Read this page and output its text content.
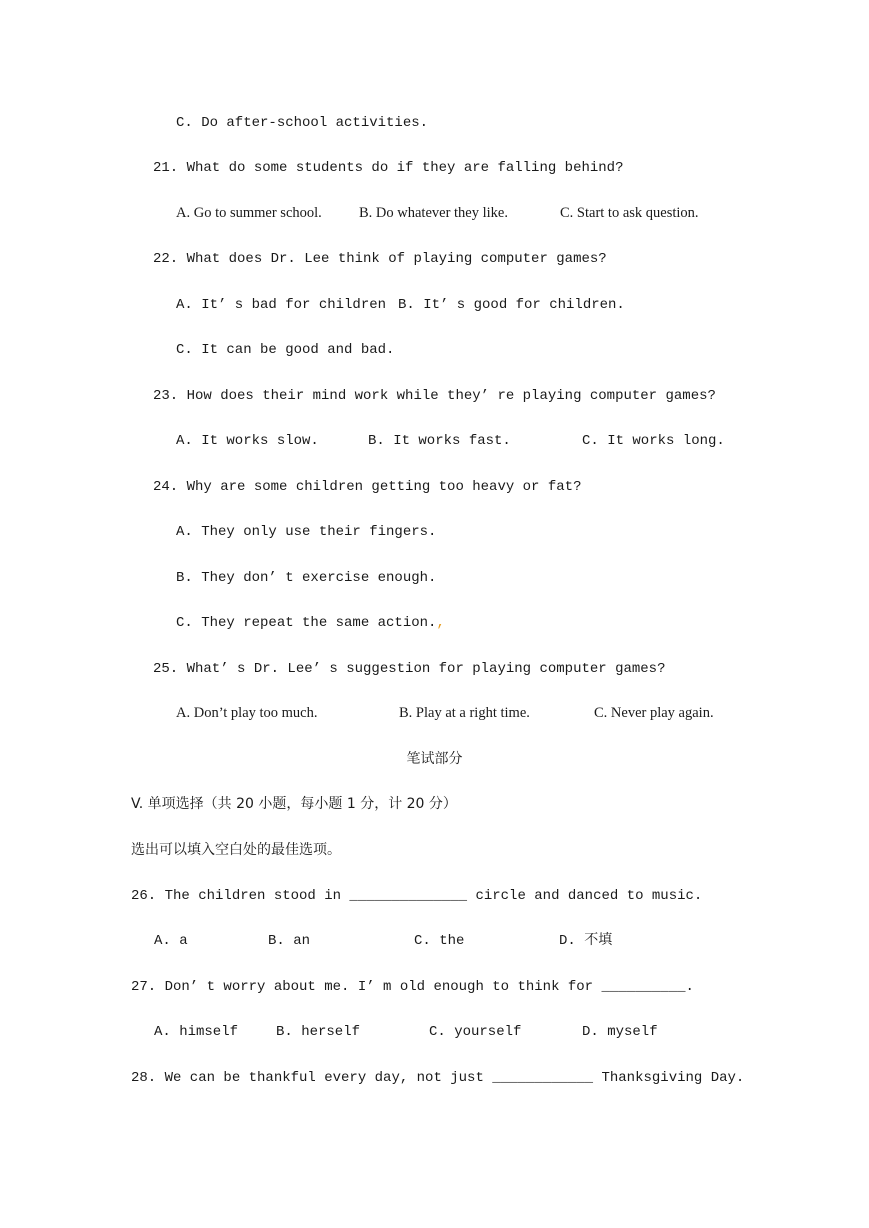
C. Do after-school activities.
21. What do some students do if they are falling behind?
A. Go to summer school.	B. Do whatever they like.	C. Start to ask question.
22. What does Dr. Lee think of playing computer games?
A. It’ s bad for children B. It’ s good for children.
C. It can be good and bad.
23. How does their mind work while they’ re playing computer games?
A. It works slow.	B. It works fast.	C. It works long.
24. Why are some children getting too heavy or fat?
A. They only use their fingers.
B. They don’ t exercise enough.
C. They repeat the same action.,
25. What’ s Dr. Lee’ s suggestion for playing computer games?
A. Don’t play too much.	B. Play at a right time.	C. Never play again.
笔试部分
V. 单项选择（共 20 小题，每小题 1 分，计 20 分）
选出可以填入空白处的最佳选项。
26. The children stood in ______________ circle and danced to music.
A. a	B. an	C. the	D. 不填
27. Don’ t worry about me. I’ m old enough to think for __________.
A. himself	B. herself	C. yourself	D. myself
28. We can be thankful every day, not just ____________ Thanksgiving Day.
